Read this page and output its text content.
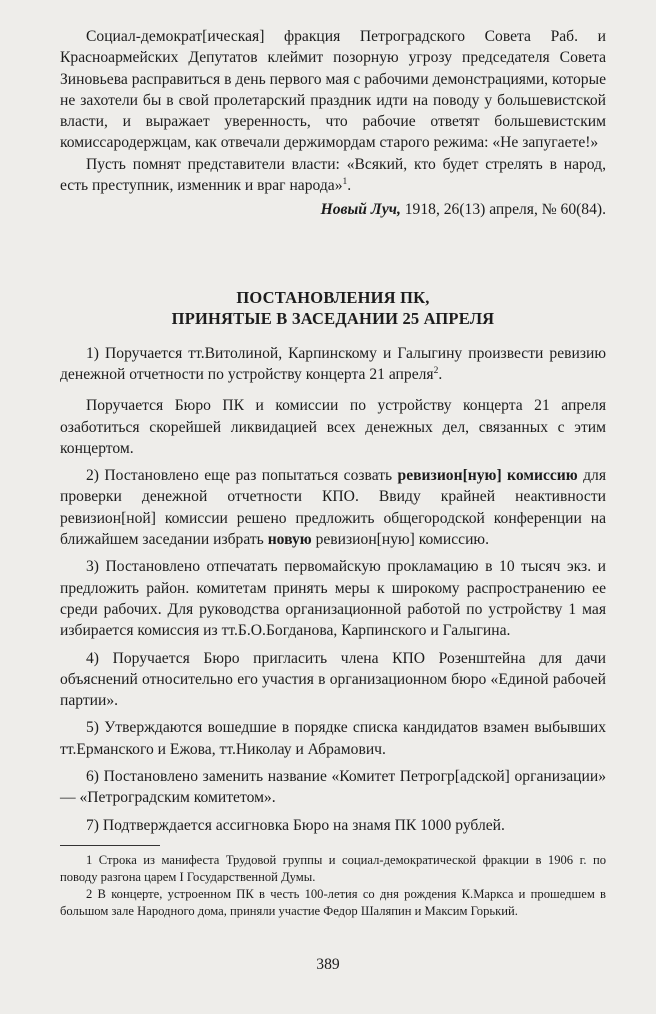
Социал-демократ[ическая] фракция Петроградского Совета Раб. и Красноармейских Депутатов клеймит позорную угрозу председателя Совета Зиновьева расправиться в день первого мая с рабочими демонстрациями, которые не захотели бы в свой пролетарский праздник идти на поводу у большевистской власти, и выражает уверенность, что рабочие ответят большевистским комиссародержцам, как отвечали держимордам старого режима: «Не запугаете!»

Пусть помнят представители власти: «Всякий, кто будет стрелять в народ, есть преступник, изменник и враг народа»$^1$.

Новый Луч, 1918, 26(13) апреля, № 60(84).

ПОСТАНОВЛЕНИЯ ПК,
ПРИНЯТЫЕ В ЗАСЕДАНИИ 25 АПРЕЛЯ

1) Поручается тт.Витолиной, Карпинскому и Галыгину произвести ревизию денежной отчетности по устройству концерта 21 апреля$^2$.

Поручается Бюро ПК и комиссии по устройству концерта 21 апреля озаботиться скорейшей ликвидацией всех денежных дел, связанных с этим концертом.

2) Постановлено еще раз попытаться созвать ревизион[ную] комиссию для проверки денежной отчетности КПО. Ввиду крайней неактивности ревизион[ной] комиссии решено предложить общегородской конференции на ближайшем заседании избрать новую ревизион[ную] комиссию.

3) Постановлено отпечатать первомайскую прокламацию в 10 тысяч экз. и предложить район. комитетам принять меры к широкому распространению ее среди рабочих. Для руководства организационной работой по устройству 1 мая избирается комиссия из тт.Б.О.Богданова, Карпинского и Галыгина.

4) Поручается Бюро пригласить члена КПО Розенштейна для дачи объяснений относительно его участия в организационном бюро «Единой рабочей партии».

5) Утверждаются вошедшие в порядке списка кандидатов взамен выбывших тт.Ерманского и Ежова, тт.Николау и Абрамович.

6) Постановлено заменить название «Комитет Петрогр[адской] организации» — «Петроградским комитетом».

7) Подтверждается ассигновка Бюро на знамя ПК 1000 рублей.

1 Строка из манифеста Трудовой группы и социал-демократической фракции в 1906 г. по поводу разгона царем I Государственной Думы.

2 В концерте, устроенном ПК в честь 100-летия со дня рождения К.Маркса и прошедшем в большом зале Народного дома, приняли участие Федор Шаляпин и Максим Горький.

389
